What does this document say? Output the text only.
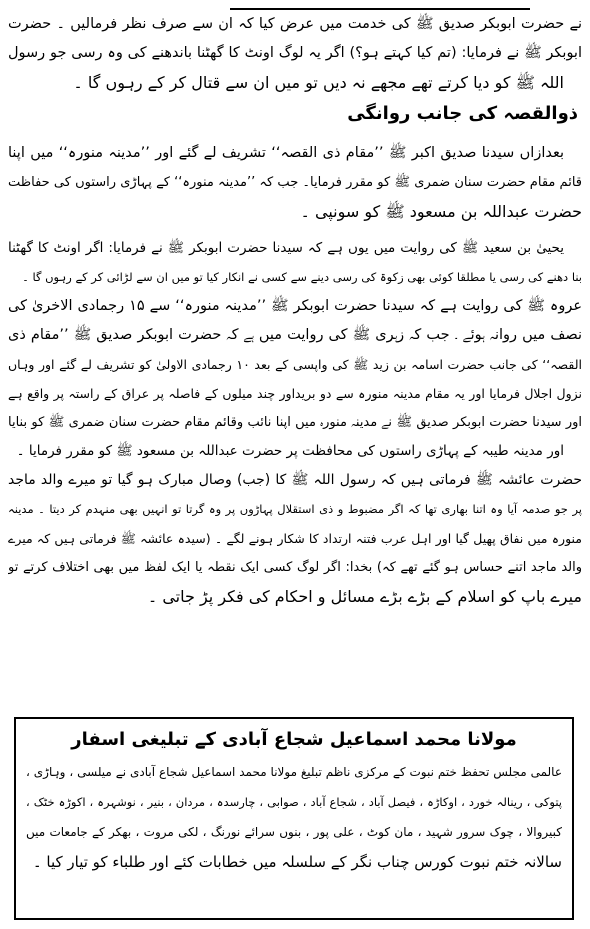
نے حضرت ابوبکر صدیق ﷺ کی خدمت میں عرض کیا کہ ان سے صرف نظر فرمالیں ۔ حضرت
ابوبکر ﷺ نے فرمایا: (تم کیا کہتے ہو؟) اگر یہ لوگ اونٹ کا گھٹنا باندھنے کی وہ رسی جو رسول
اللہ ﷺ کو دیا کرتے تھے مجھے نہ دیں تو میں ان سے قتال کر کے رہوں گا ۔
ذوالقصہ کی جانب روانگی
بعدازاں سیدنا صدیق اکبر ﷺ ’’مقام ذی القصہ‘‘ تشریف لے گئے اور ’’مدینہ منورہ‘‘ میں اپنا
قائم مقام حضرت سنان ضمری ﷺ کو مقرر فرمایا۔ جب کہ ’’مدینہ منورہ‘‘ کے پہاڑی راستوں کی حفاظت
حضرت عبداللہ بن مسعود ﷺ کو سونپی ۔
یحییٰ بن سعید ﷺ کی روایت میں یوں ہے کہ سیدنا حضرت ابوبکر ﷺ نے فرمایا: اگر اونٹ کا گھٹنا
بنا دھنے کی رسی یا مطلقا کوئی بھی زکوۃ کی رسی دینے سے کسی نے انکار کیا تو میں ان سے لڑائی کر کے رہوں گا ۔
عروہ ﷺ کی روایت ہے کہ سیدنا حضرت ابوبکر ﷺ ’’مدینہ منورہ‘‘ سے ۱۵ رجمادی الاخریٰ کی
نصف میں روانہ ہوئے ۔ جب کہ زہری ﷺ کی روایت میں ہے کہ حضرت ابوبکر صدیق ﷺ ’’مقام ذی
القصہ‘‘ کی جانب حضرت اسامہ بن زید ﷺ کی واپسی کے بعد ۱۰ رجمادی الاولیٰ کو تشریف لے گئے اور وہاں
نزول اجلال فرمایا اور یہ مقام مدینہ منورہ سے دو بریداور چند میلوں کے فاصلہ پر عراق کے راستہ پر واقع ہے
اور سیدنا حضرت ابوبکر صدیق ﷺ نے مدینہ منورہ میں اپنا نائب وقائم مقام حضرت سنان ضمری ﷺ کو بنایا
اور مدینہ طیبہ کے پہاڑی راستوں کی محافظت پر حضرت عبداللہ بن مسعود ﷺ کو مقرر فرمایا ۔
حضرت عائشہ ﷺ فرماتی ہیں کہ رسول اللہ ﷺ کا (جب) وصال مبارک ہو گیا تو میرے والد ماجد
پر جو صدمہ آیا وہ اتنا بھاری تھا کہ اگر مضبوط و ذی استقلال پہاڑوں پر وہ گرتا تو انہیں بھی منہدم کر دیتا ۔ مدینہ
منورہ میں نفاق پھیل گیا اور اہل عرب فتنہ ارتداد کا شکار ہونے لگے ۔ (سیدہ عائشہ ﷺ فرماتی ہیں کہ میرے
والد ماجد اتنے حساس ہو گئے تھے کہ) بخدا: اگر لوگ کسی ایک نقطہ یا ایک لفظ میں بھی اختلاف کرتے تو
میرے باپ کو اسلام کے بڑے بڑے مسائل و احکام کی فکر پڑ جاتی ۔
مولانا محمد اسماعیل شجاع آبادی کے تبلیغی اسفار
عالمی مجلس تحفظ ختم نبوت کے مرکزی ناظم تبلیغ مولانا محمد اسماعیل شجاع آبادی نے میلسی ، وہاڑی ،
پتوکی ، رینالہ خورد ، اوکاڑہ ، فیصل آباد ، شجاع آباد ، صوابی ، چارسدہ ، مردان ، بنیر ، نوشہرہ ، اکوڑہ خٹک ،
کبیروالا ، چوک سرور شہید ، مان کوٹ ، علی پور ، بنوں سرائے نورنگ ، لکی مروت ، بھکر کے جامعات میں
سالانہ ختم نبوت کورس چناب نگر کے سلسلہ میں خطابات کئے اور طلباء کو تیار کیا ۔
